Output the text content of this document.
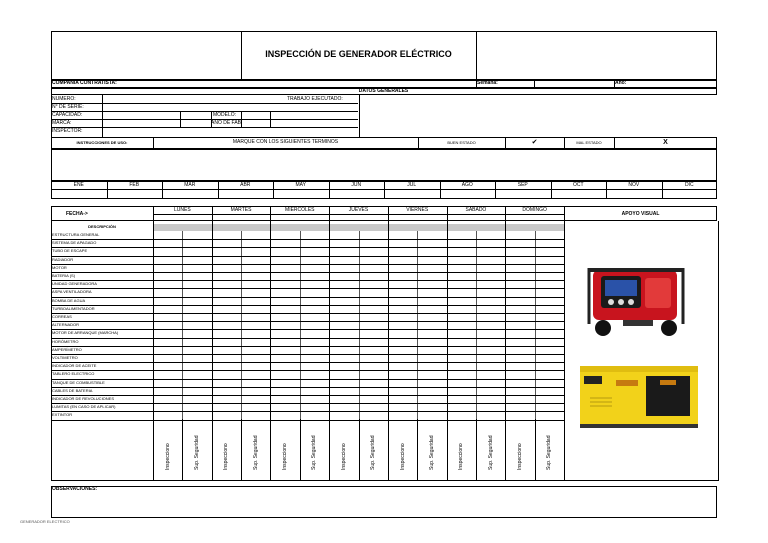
INSPECCIÓN DE GENERADOR ELÉCTRICO
COMPAÑÍA CONTRATISTA:	Semana:	Año:
DATOS GENERALES
NUMERO:
N° DE SERIE:
CAPACIDAD:
MARCA:
INSPECTOR:
MODELO:
AÑO DE FAB:
TRABAJO EJECUTADO:
INSTRUCCIONES DE USO:	MARQUE CON LOS SIGUIENTES TERMINOS	BUEN ESTADO	✔	MAL ESTADO	X
ENE	FEB	MAR	ABR	MAY	JUN	JUL	AGO	SEP	OCT	NOV	DIC
FECHA->	APOYO VISUAL
LUNES	MARTES	MIERCOLES	JUEVES	VIERNES	SABADO	DOMINGO
DESCRIPCIÓN
ESTRUCTURA GENERAL
SISTEMA DE APAGADO
TUBO DE ESCAPE
RADIADOR
MOTOR
BATERIA (S)
UNIDAD GENERADORA
ASPA VENTILADORA
BOMBA DE AGUA
TURBOALIMENTADOR
CORREAS
ALTERNADOR
MOTOR DE ARRANQUE (MARCHA)
HORÓMETRO
AMPERÍMETRO
VOLTIMETRO
INDICADOR DE ACEITE
TABLERO ELECTRICO
TANQUE DE COMBUSTIBLE
CABLES DE BATERIA
INDICADOR DE REVOLUCIONES
LUMITAS (EN CASO DE APLICAR)
EXTINTOR
Inspecciono	Sup. Seguridad	Inspecciono	Sup. Seguridad	Inspecciono	Sup. Seguridad	Inspecciono	Sup. Seguridad	Inspecciono	Sup. Seguridad	Inspecciono	Sup. Seguridad	Inspecciono	Sup. Seguridad
OBSERVACIONES:
GENERADOR ELECTRICO
